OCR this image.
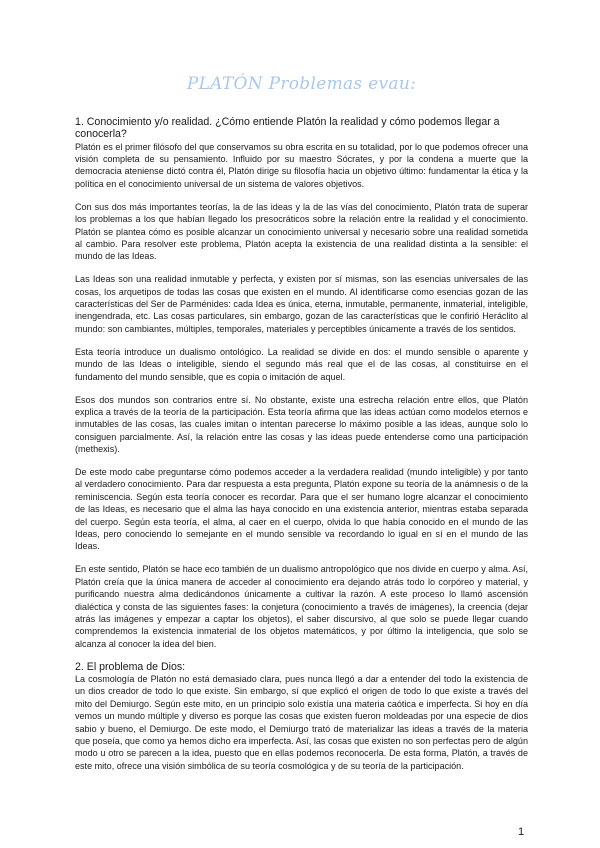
PLATÓN Problemas evau:
1. Conocimiento y/o realidad. ¿Cómo entiende Platón la realidad y cómo podemos llegar a conocerla?

Platón es el primer filósofo del que conservamos su obra escrita en su totalidad, por lo que podemos ofrecer una visión completa de su pensamiento. Influido por su maestro Sócrates, y por la condena a muerte que la democracia ateniense dictó contra él, Platón dirige su filosofía hacia un objetivo último: fundamentar la ética y la política en el conocimiento universal de un sistema de valores objetivos.

Con sus dos más importantes teorías, la de las ideas y la de las vías del conocimiento, Platón trata de superar los problemas a los que habían llegado los presocráticos sobre la relación entre la realidad y el conocimiento. Platón se plantea cómo es posible alcanzar un conocimiento universal y necesario sobre una realidad sometida al cambio. Para resolver este problema, Platón acepta la existencia de una realidad distinta a la sensible: el mundo de las Ideas.

Las Ideas son una realidad inmutable y perfecta, y existen por sí mismas, son las esencias universales de las cosas, los arquetipos de todas las cosas que existen en el mundo. Al identificarse como esencias gozan de las características del Ser de Parménides: cada Idea es única, eterna, inmutable, permanente, inmaterial, inteligible, inengendrada, etc. Las cosas particulares, sin embargo, gozan de las características que le confirió Heráclito al mundo: son cambiantes, múltiples, temporales, materiales y perceptibles únicamente a través de los sentidos.

Esta teoría introduce un dualismo ontológico. La realidad se divide en dos: el mundo sensible o aparente y mundo de las Ideas o inteligible, siendo el segundo más real que el de las cosas, al constituirse en el fundamento del mundo sensible, que es copia o imitación de aquel.

Esos dos mundos son contrarios entre sí. No obstante, existe una estrecha relación entre ellos, que Platón explica a través de la teoría de la participación. Esta teoría afirma que las ideas actúan como modelos eternos e inmutables de las cosas, las cuales imitan o intentan parecerse lo máximo posible a las ideas, aunque solo lo consiguen parcialmente. Así, la relación entre las cosas y las ideas puede entenderse como una participación (methexis).

De este modo cabe preguntarse cómo podemos acceder a la verdadera realidad (mundo inteligible) y por tanto al verdadero conocimiento. Para dar respuesta a esta pregunta, Platón expone su teoría de la anámnesis o de la reminiscencia. Según esta teoría conocer es recordar. Para que el ser humano logre alcanzar el conocimiento de las Ideas, es necesario que el alma las haya conocido en una existencia anterior, mientras estaba separada del cuerpo. Según esta teoría, el alma, al caer en el cuerpo, olvida lo que había conocido en el mundo de las Ideas, pero conociendo lo semejante en el mundo sensible va recordando lo igual en sí en el mundo de las Ideas.

En este sentido, Platón se hace eco también de un dualismo antropológico que nos divide en cuerpo y alma. Así, Platón creía que la única manera de acceder al conocimiento era dejando atrás todo lo corpóreo y material, y purificando nuestra alma dedicándonos únicamente a cultivar la razón. A este proceso lo llamó ascensión dialéctica y consta de las siguientes fases: la conjetura (conocimiento a través de imágenes), la creencia (dejar atrás las imágenes y empezar a captar los objetos), el saber discursivo, al que solo se puede llegar cuando comprendemos la existencia inmaterial de los objetos matemáticos, y por último la inteligencia, que solo se alcanza al conocer la idea del bien.

2. El problema de Dios:

La cosmología de Platón no está demasiado clara, pues nunca llegó a dar a entender del todo la existencia de un dios creador de todo lo que existe. Sin embargo, sí que explicó el origen de todo lo que existe a través del mito del Demiurgo. Según este mito, en un principio solo existía una materia caótica e imperfecta. Si hoy en día vemos un mundo múltiple y diverso es porque las cosas que existen fueron moldeadas por una especie de dios sabio y bueno, el Demiurgo. De este modo, el Demiurgo trató de materializar las ideas a través de la materia que poseía, que como ya hemos dicho era imperfecta. Así, las cosas que existen no son perfectas pero de algún modo u otro se parecen a la idea, puesto que en ellas podemos reconocerla. De esta forma, Platón, a través de este mito, ofrece una visión simbólica de su teoría cosmológica y de su teoría de la participación.

1
